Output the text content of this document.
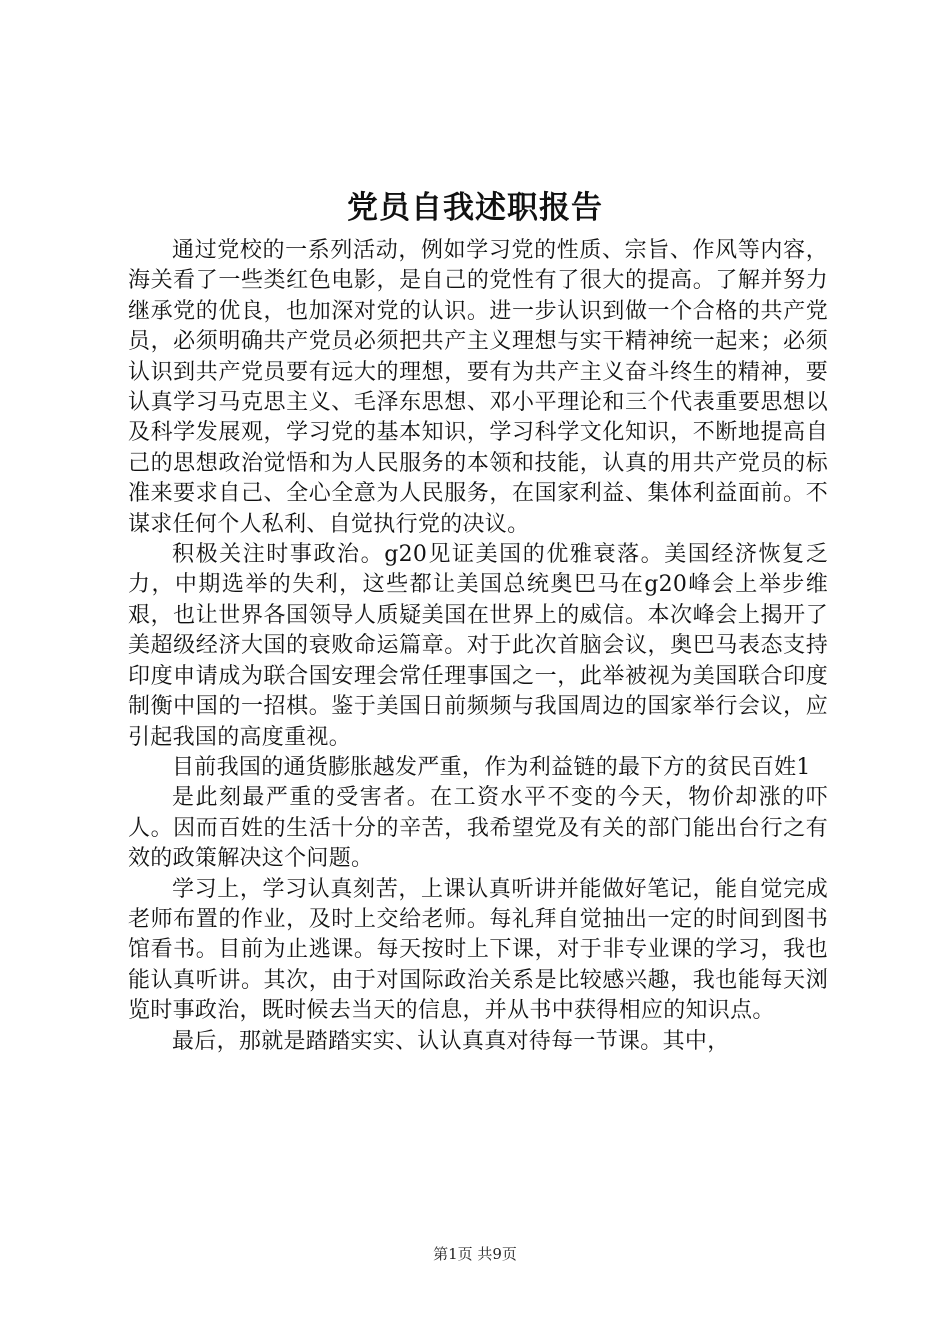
党员自我述职报告

通过党校的一系列活动，例如学习党的性质、宗旨、作风等内容，海关看了一些类红色电影，是自己的党性有了很大的提高。了解并努力继承党的优良，也加深对党的认识。进一步认识到做一个合格的共产党员，必须明确共产党员必须把共产主义理想与实干精神统一起来；必须认识到共产党员要有远大的理想，要有为共产主义奋斗终生的精神，要认真学习马克思主义、毛泽东思想、邓小平理论和三个代表重要思想以及科学发展观，学习党的基本知识，学习科学文化知识，不断地提高自己的思想政治觉悟和为人民服务的本领和技能，认真的用共产党员的标准来要求自己、全心全意为人民服务，在国家利益、集体利益面前。不谋求任何个人私利、自觉执行党的决议。

积极关注时事政治。g20见证美国的优雅衰落。美国经济恢复乏力，中期选举的失利，这些都让美国总统奥巴马在g20峰会上举步维艰，也让世界各国领导人质疑美国在世界上的威信。本次峰会上揭开了美超级经济大国的衰败命运篇章。对于此次首脑会议，奥巴马表态支持印度申请成为联合国安理会常任理事国之一，此举被视为美国联合印度制衡中国的一招棋。鉴于美国日前频频与我国周边的国家举行会议，应引起我国的高度重视。

目前我国的通货膨胀越发严重，作为利益链的最下方的贫民百姓1

是此刻最严重的受害者。在工资水平不变的今天，物价却涨的吓人。因而百姓的生活十分的辛苦，我希望党及有关的部门能出台行之有效的政策解决这个问题。

学习上，学习认真刻苦，上课认真听讲并能做好笔记，能自觉完成老师布置的作业，及时上交给老师。每礼拜自觉抽出一定的时间到图书馆看书。目前为止逃课。每天按时上下课，对于非专业课的学习，我也能认真听讲。其次，由于对国际政治关系是比较感兴趣，我也能每天浏览时事政治，既时候去当天的信息，并从书中获得相应的知识点。

最后，那就是踏踏实实、认认真真对待每一节课。其中，

第1页 共9页
